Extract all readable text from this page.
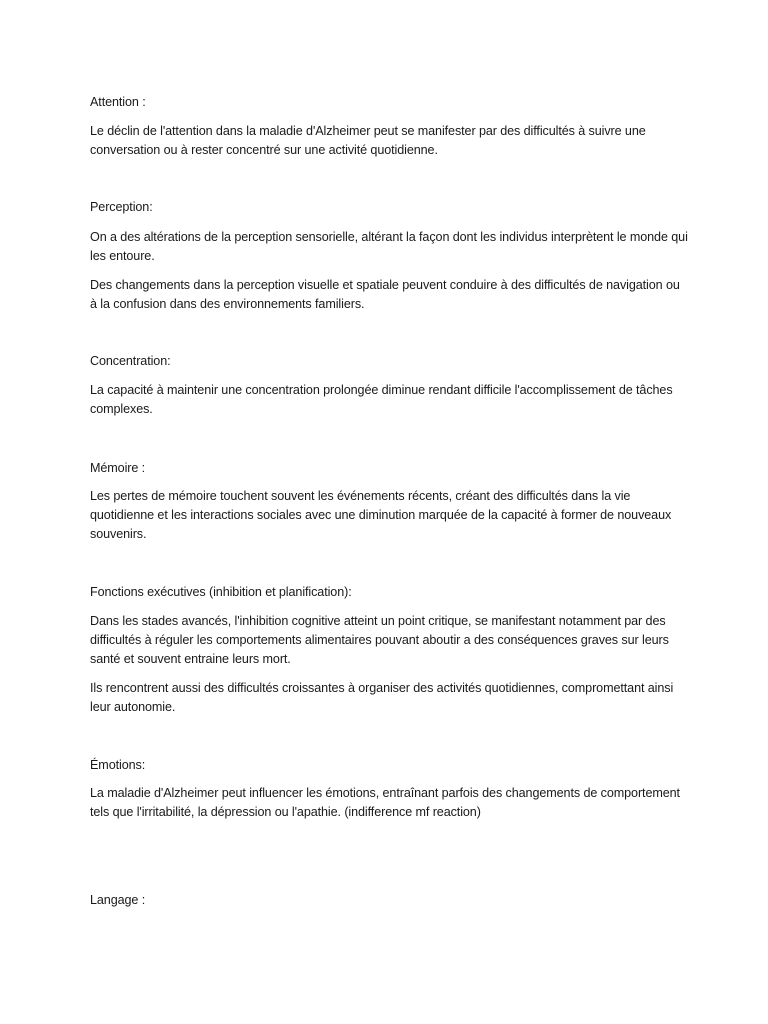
Attention :

Le déclin de l'attention dans la maladie d'Alzheimer peut se manifester par des difficultés à suivre une conversation ou à rester concentré sur une activité quotidienne.

Perception:

On a des altérations de la perception sensorielle, altérant la façon dont les individus interprètent le monde qui les entoure.

Des changements dans la perception visuelle et spatiale peuvent conduire à des difficultés de navigation ou à la confusion dans des environnements familiers.

Concentration:

La capacité à maintenir une concentration prolongée diminue rendant difficile l'accomplissement de tâches complexes.

Mémoire :

Les pertes de mémoire touchent souvent les événements récents, créant des difficultés dans la vie quotidienne et les interactions sociales avec une diminution marquée de la capacité à former de nouveaux souvenirs.

Fonctions exécutives (inhibition et planification):

Dans les stades avancés, l'inhibition cognitive atteint un point critique, se manifestant notamment par des difficultés à réguler les comportements alimentaires pouvant aboutir a des conséquences graves sur leurs santé et souvent entraine leurs mort.

Ils rencontrent aussi des difficultés croissantes à organiser des activités quotidiennes, compromettant ainsi leur autonomie.

Émotions:

La maladie d'Alzheimer peut influencer les émotions, entraînant parfois des changements de comportement tels que l'irritabilité, la dépression ou l'apathie. (indifference mf reaction)

Langage :
